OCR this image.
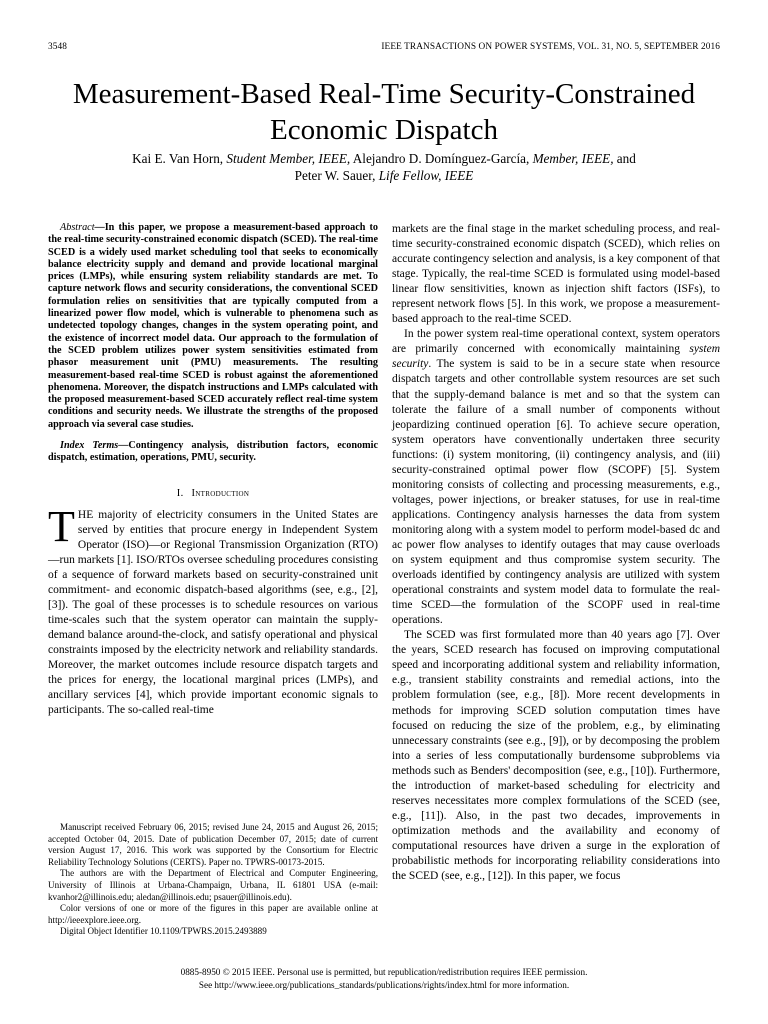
3548	IEEE TRANSACTIONS ON POWER SYSTEMS, VOL. 31, NO. 5, SEPTEMBER 2016
Measurement-Based Real-Time Security-Constrained
Economic Dispatch
Kai E. Van Horn, Student Member, IEEE, Alejandro D. Domínguez-García, Member, IEEE, and
Peter W. Sauer, Life Fellow, IEEE

Abstract—In this paper, we propose a measurement-based approach to the real-time security-constrained economic dispatch (SCED). The real-time SCED is a widely used market scheduling tool that seeks to economically balance electricity supply and demand and provide locational marginal prices (LMPs), while ensuring system reliability standards are met. To capture network flows and security considerations, the conventional SCED formulation relies on sensitivities that are typically computed from a linearized power flow model, which is vulnerable to phenomena such as undetected topology changes, changes in the system operating point, and the existence of incorrect model data. Our approach to the formulation of the SCED problem utilizes power system sensitivities estimated from phasor measurement unit (PMU) measurements. The resulting measurement-based real-time SCED is robust against the aforementioned phenomena. Moreover, the dispatch instructions and LMPs calculated with the proposed measurement-based SCED accurately reflect real-time system conditions and security needs. We illustrate the strengths of the proposed approach via several case studies.

Index Terms—Contingency analysis, distribution factors, economic dispatch, estimation, operations, PMU, security.

I. Introduction

THE majority of electricity consumers in the United States are served by entities that procure energy in Independent System Operator (ISO)—or Regional Transmission Organization (RTO)—run markets [1]. ISO/RTOs oversee scheduling procedures consisting of a sequence of forward markets based on security-constrained unit commitment- and economic dispatch-based algorithms (see, e.g., [2], [3]). The goal of these processes is to schedule resources on various time-scales such that the system operator can maintain the supply-demand balance around-the-clock, and satisfy operational and physical constraints imposed by the electricity network and reliability standards. Moreover, the market outcomes include resource dispatch targets and the prices for energy, the locational marginal prices (LMPs), and ancillary services [4], which provide important economic signals to participants. The so-called real-time

Manuscript received February 06, 2015; revised June 24, 2015 and August 26, 2015; accepted October 04, 2015. Date of publication December 07, 2015; date of current version August 17, 2016. This work was supported by the Consortium for Electric Reliability Technology Solutions (CERTS). Paper no. TPWRS-00173-2015.

The authors are with the Department of Electrical and Computer Engineering, University of Illinois at Urbana-Champaign, Urbana, IL 61801 USA (e-mail: kvanhor2@illinois.edu; aledan@illinois.edu; psauer@illinois.edu).

Color versions of one or more of the figures in this paper are available online at http://ieeexplore.ieee.org.

Digital Object Identifier 10.1109/TPWRS.2015.2493889

markets are the final stage in the market scheduling process, and real-time security-constrained economic dispatch (SCED), which relies on accurate contingency selection and analysis, is a key component of that stage. Typically, the real-time SCED is formulated using model-based linear flow sensitivities, known as injection shift factors (ISFs), to represent network flows [5]. In this work, we propose a measurement-based approach to the real-time SCED.

In the power system real-time operational context, system operators are primarily concerned with economically maintaining system security. The system is said to be in a secure state when resource dispatch targets and other controllable system resources are set such that the supply-demand balance is met and so that the system can tolerate the failure of a small number of components without jeopardizing continued operation [6]. To achieve secure operation, system operators have conventionally undertaken three security functions: (i) system monitoring, (ii) contingency analysis, and (iii) security-constrained optimal power flow (SCOPF) [5]. System monitoring consists of collecting and processing measurements, e.g., voltages, power injections, or breaker statuses, for use in real-time applications. Contingency analysis harnesses the data from system monitoring along with a system model to perform model-based dc and ac power flow analyses to identify outages that may cause overloads on system equipment and thus compromise system security. The overloads identified by contingency analysis are utilized with system operational constraints and system model data to formulate the real-time SCED—the formulation of the SCOPF used in real-time operations.

The SCED was first formulated more than 40 years ago [7]. Over the years, SCED research has focused on improving computational speed and incorporating additional system and reliability information, e.g., transient stability constraints and remedial actions, into the problem formulation (see, e.g., [8]). More recent developments in methods for improving SCED solution computation times have focused on reducing the size of the problem, e.g., by eliminating unnecessary constraints (see e.g., [9]), or by decomposing the problem into a series of less computationally burdensome subproblems via methods such as Benders' decomposition (see, e.g., [10]). Furthermore, the introduction of market-based scheduling for electricity and reserves necessitates more complex formulations of the SCED (see, e.g., [11]). Also, in the past two decades, improvements in optimization methods and the availability and economy of computational resources have driven a surge in the exploration of probabilistic methods for incorporating reliability considerations into the SCED (see, e.g., [12]). In this paper, we focus

0885-8950 © 2015 IEEE. Personal use is permitted, but republication/redistribution requires IEEE permission.
See http://www.ieee.org/publications_standards/publications/rights/index.html for more information.
